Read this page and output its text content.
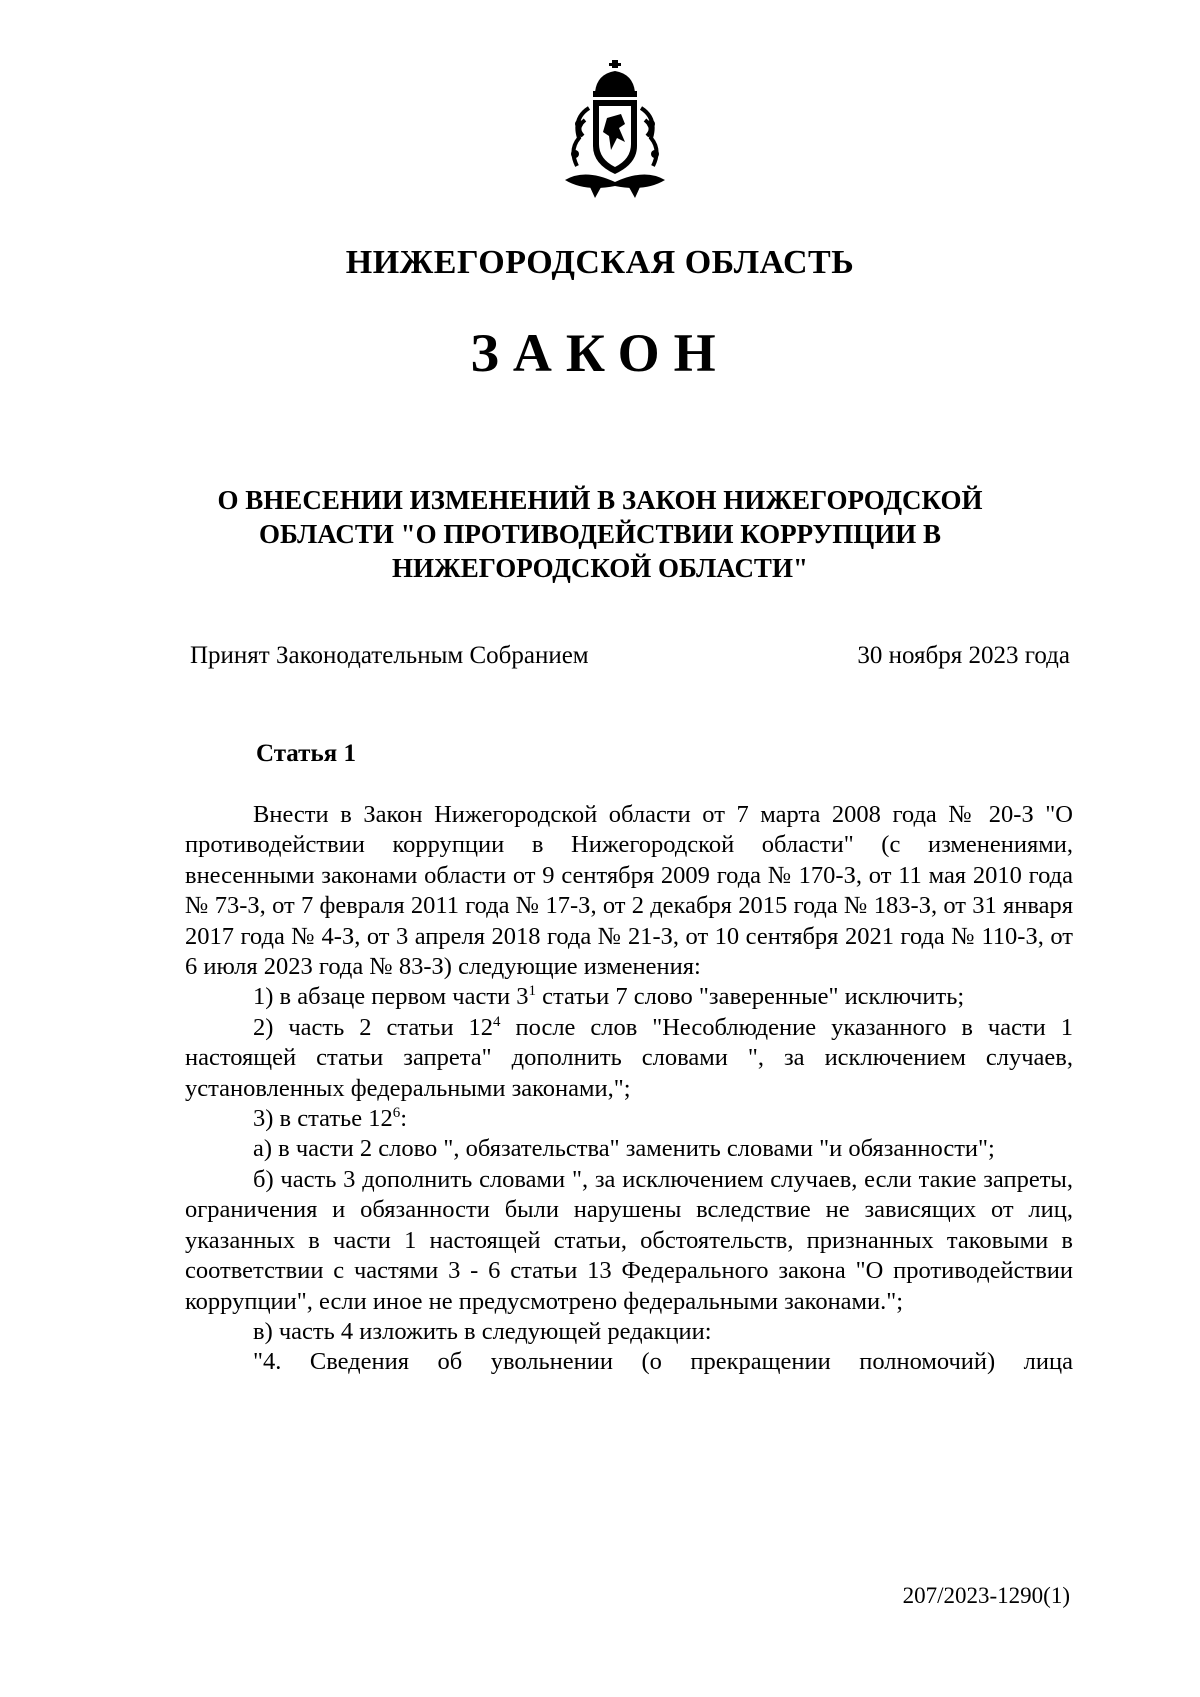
НИЖЕГОРОДСКАЯ ОБЛАСТЬ
ЗАКОН
О ВНЕСЕНИИ ИЗМЕНЕНИЙ В ЗАКОН НИЖЕГОРОДСКОЙ
ОБЛАСТИ "О ПРОТИВОДЕЙСТВИИ КОРРУПЦИИ В
НИЖЕГОРОДСКОЙ ОБЛАСТИ"
Принят Законодательным Собранием	30 ноября 2023 года
Статья 1

Внести в Закон Нижегородской области от 7 марта 2008 года № 20-З "О противодействии коррупции в Нижегородской области" (с изменениями, внесенными законами области от 9 сентября 2009 года № 170-З, от 11 мая 2010 года № 73-З, от 7 февраля 2011 года № 17-З, от 2 декабря 2015 года № 183-З, от 31 января 2017 года № 4-З, от 3 апреля 2018 года № 21-З, от 10 сентября 2021 года № 110-З, от 6 июля 2023 года № 83-З) следующие изменения:

1) в абзаце первом части $3^1$ статьи 7 слово "заверенные" исключить;

2) часть 2 статьи $12^4$ после слов "Несоблюдение указанного в части 1 настоящей статьи запрета" дополнить словами ", за исключением случаев, установленных федеральными законами,";

3) в статье $12^6$:

а) в части 2 слово ", обязательства" заменить словами "и обязанности";

б) часть 3 дополнить словами ", за исключением случаев, если такие запреты, ограничения и обязанности были нарушены вследствие не зависящих от лиц, указанных в части 1 настоящей статьи, обстоятельств, признанных таковыми в соответствии с частями 3 - 6 статьи 13 Федерального закона "О противодействии коррупции", если иное не предусмотрено федеральными законами.";

в) часть 4 изложить в следующей редакции:

"4. Сведения об увольнении (о прекращении полномочий) лица

207/2023-1290(1)
